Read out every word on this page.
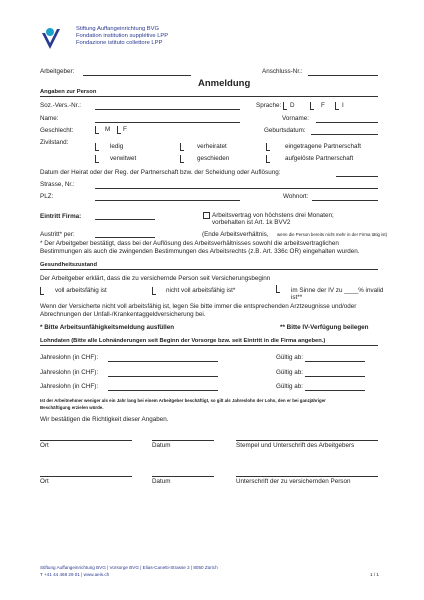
Stiftung Auffangeinrichtung BVG
Fondation institution supplétive LPP
Fondazione istituto collettore LPP
Arbeitgeber:	Anschluss-Nr.:
Anmeldung
Angaben zur Person
Soz.-Vers.-Nr.:	Sprache: D	F	I
Name:	Vorname:
Geschlecht:	M F	Geburtsdatum:
Zivilstand:
ledig	verheiratet	eingetragene Partnerschaft
verwitwet	geschieden	aufgelöste Partnerschaft
Datum der Heirat oder der Reg. der Partnerschaft bzw. der Scheidung oder Auflösung:
Strasse, Nr.:
PLZ:	Wohnort:
Eintritt Firma:	Arbeitsvertrag von höchstens drei Monaten;
vorbehalten ist Art. 1k BVV2
Austritt* per:	(Ende Arbeitsverhältnis, wenn die Person bereits nicht mehr in der Firma tätig ist)
* Der Arbeitgeber bestätigt, dass bei der Auflösung des Arbeitsverhältnisses sowohl die arbeitsvertraglichen
Bestimmungen als auch die zwingenden Bestimmungen des Arbeitsrechts (z.B. Art. 336c OR) eingehalten wurden.
Gesundheitszustand
Der Arbeitgeber erklärt, dass die zu versichernde Person seit Versicherungsbeginn
voll arbeitsfähig ist	nicht voll arbeitsfähig ist*	im Sinne der IV zu ____% invalid
ist**
Wenn der Versicherte nicht voll arbeitsfähig ist, legen Sie bitte immer die entsprechenden Arztzeugnisse und/oder
Abrechnungen der Unfall-/Krankentaggeldversicherung bei.
* Bitte Arbeitsunfähigkeitsmeldung ausfüllen	** Bitte IV-Verfügung beilegen
Lohndaten (Bitte alle Lohnänderungen seit Beginn der Vorsorge bzw. seit Eintritt in die Firma angeben.)
Jahreslohn (in CHF):	Gültig ab:
Jahreslohn (in CHF):	Gültig ab:
Jahreslohn (in CHF):	Gültig ab:
Ist der Arbeitnehmer weniger als ein Jahr lang bei einem Arbeitgeber beschäftigt, so gilt als Jahreslohn der Lohn, den er bei ganzjähriger
Beschäftigung erzielen würde.
Wir bestätigen die Richtigkeit dieser Angaben.
Ort	Datum	Stempel und Unterschrift des Arbeitgebers
Ort	Datum	Unterschrift der zu versichernden Person
Stiftung Auffangeinrichtung BVG | Vorsorge BVG | Elias-Canetti-Strasse 2 | 8050 Zürich
T +41 44 468 29 01 | www.aeis.ch	1 / 1
